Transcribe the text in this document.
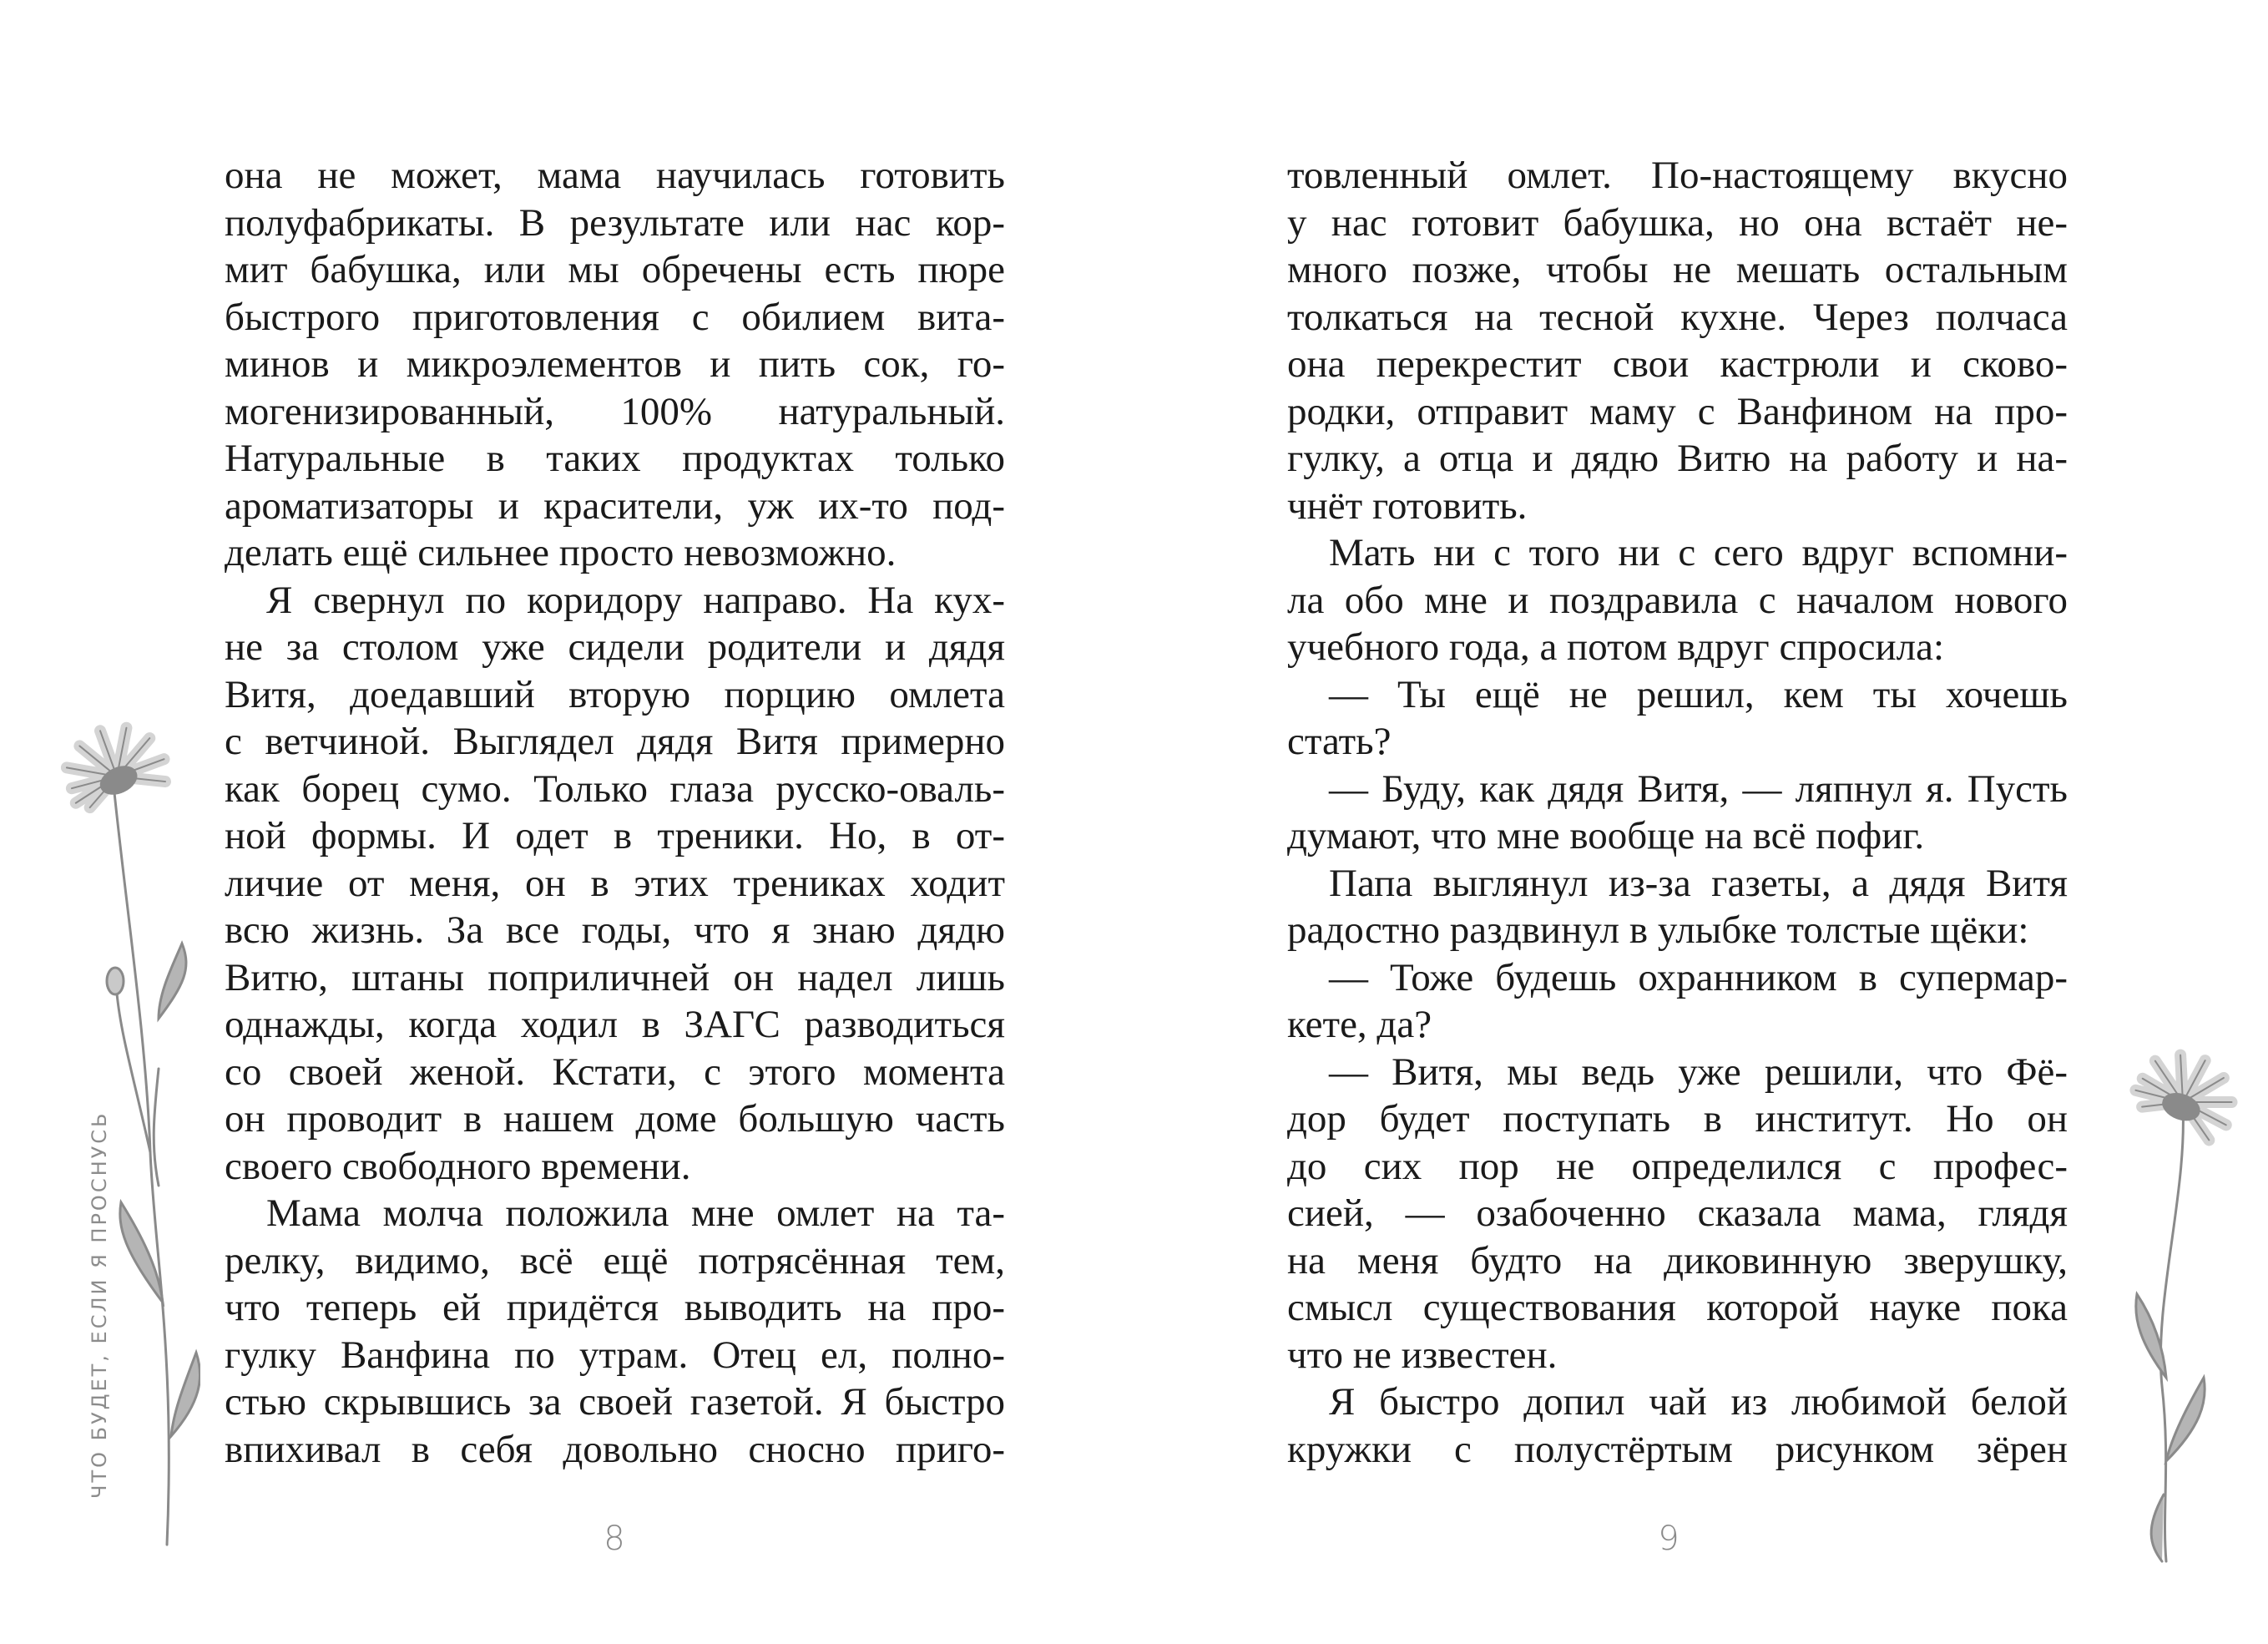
она не может, мама научилась готовить
полуфабрикаты. В результате или нас кор-
мит бабушка, или мы обречены есть пюре
быстрого приготовления с обилием вита-
минов и микроэлементов и пить сок, го-
могенизированный, 100% натуральный.
Натуральные в таких продуктах только
ароматизаторы и красители, уж их-то под-
делать ещё сильнее просто невозможно.
Я свернул по коридору направо. На кух-
не за столом уже сидели родители и дядя
Витя, доедавший вторую порцию омлета
с ветчиной. Выглядел дядя Витя примерно
как борец сумо. Только глаза русско-оваль-
ной формы. И одет в треники. Но, в от-
личие от меня, он в этих трениках ходит
всю жизнь. За все годы, что я знаю дядю
Витю, штаны поприличней он надел лишь
однажды, когда ходил в ЗАГС разводиться
со своей женой. Кстати, с этого момента
он проводит в нашем доме большую часть
своего свободного времени.
Мама молча положила мне омлет на та-
релку, видимо, всё ещё потрясённая тем,
что теперь ей придётся выводить на про-
гулку Ванфина по утрам. Отец ел, полно-
стью скрывшись за своей газетой. Я быстро
впихивал в себя довольно сносно приго-
ЧТО БУДЕТ, ЕСЛИ Я ПРОСНУСЬ
8
товленный омлет. По-настоящему вкусно
у нас готовит бабушка, но она встаёт не-
много позже, чтобы не мешать остальным
толкаться на тесной кухне. Через полчаса
она перекрестит свои кастрюли и сково-
родки, отправит маму с Ванфином на про-
гулку, а отца и дядю Витю на работу и на-
чнёт готовить.
Мать ни с того ни с сего вдруг вспомни-
ла обо мне и поздравила с началом нового
учебного года, а потом вдруг спросила:
— Ты ещё не решил, кем ты хочешь
стать?
— Буду, как дядя Витя, — ляпнул я. Пусть
думают, что мне вообще на всё пофиг.
Папа выглянул из-за газеты, а дядя Витя
радостно раздвинул в улыбке толстые щёки:
— Тоже будешь охранником в супермар-
кете, да?
— Витя, мы ведь уже решили, что Фё-
дор будет поступать в институт. Но он
до сих пор не определился с профес-
сией, — озабоченно сказала мама, глядя
на меня будто на диковинную зверушку,
смысл существования которой науке пока
что не известен.
Я быстро допил чай из любимой белой
кружки с полустёртым рисунком зёрен
9
